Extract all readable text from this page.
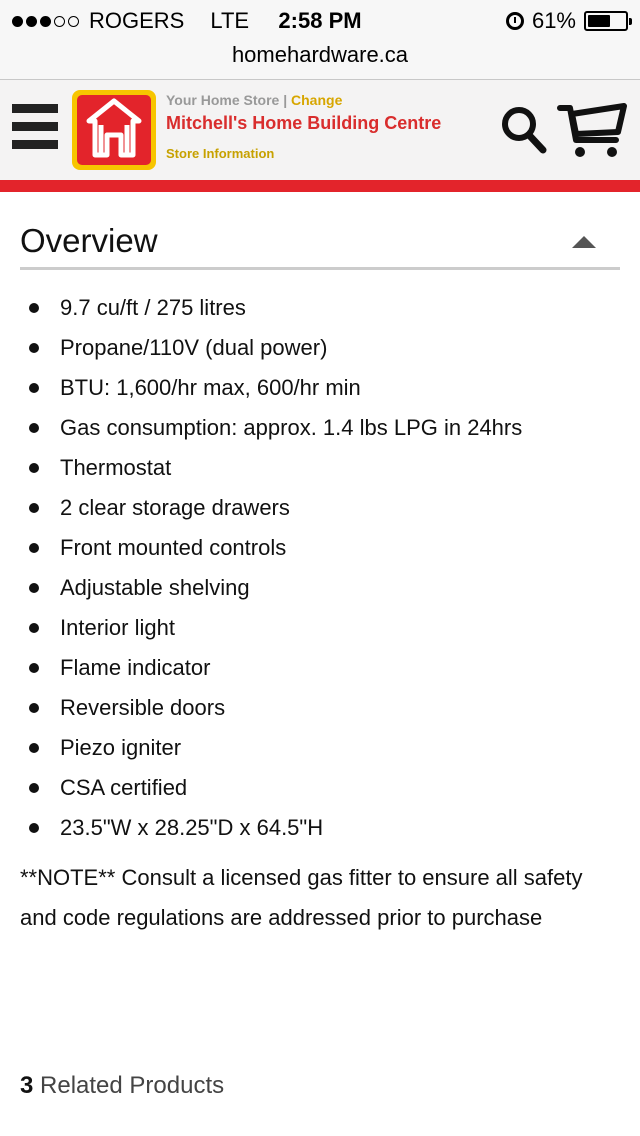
ROGERS LTE	2:58 PM	61%
homehardware.ca
Your Home Store | Change
Mitchell's Home Building Centre
Store Information
Overview
9.7 cu/ft / 275 litres
Propane/110V (dual power)
BTU: 1,600/hr max, 600/hr min
Gas consumption: approx. 1.4 lbs LPG in 24hrs
Thermostat
2 clear storage drawers
Front mounted controls
Adjustable shelving
Interior light
Flame indicator
Reversible doors
Piezo igniter
CSA certified
23.5"W x 28.25"D x 64.5"H
**NOTE** Consult a licensed gas fitter to ensure all safety and code regulations are addressed prior to purchase
3 Related Products
